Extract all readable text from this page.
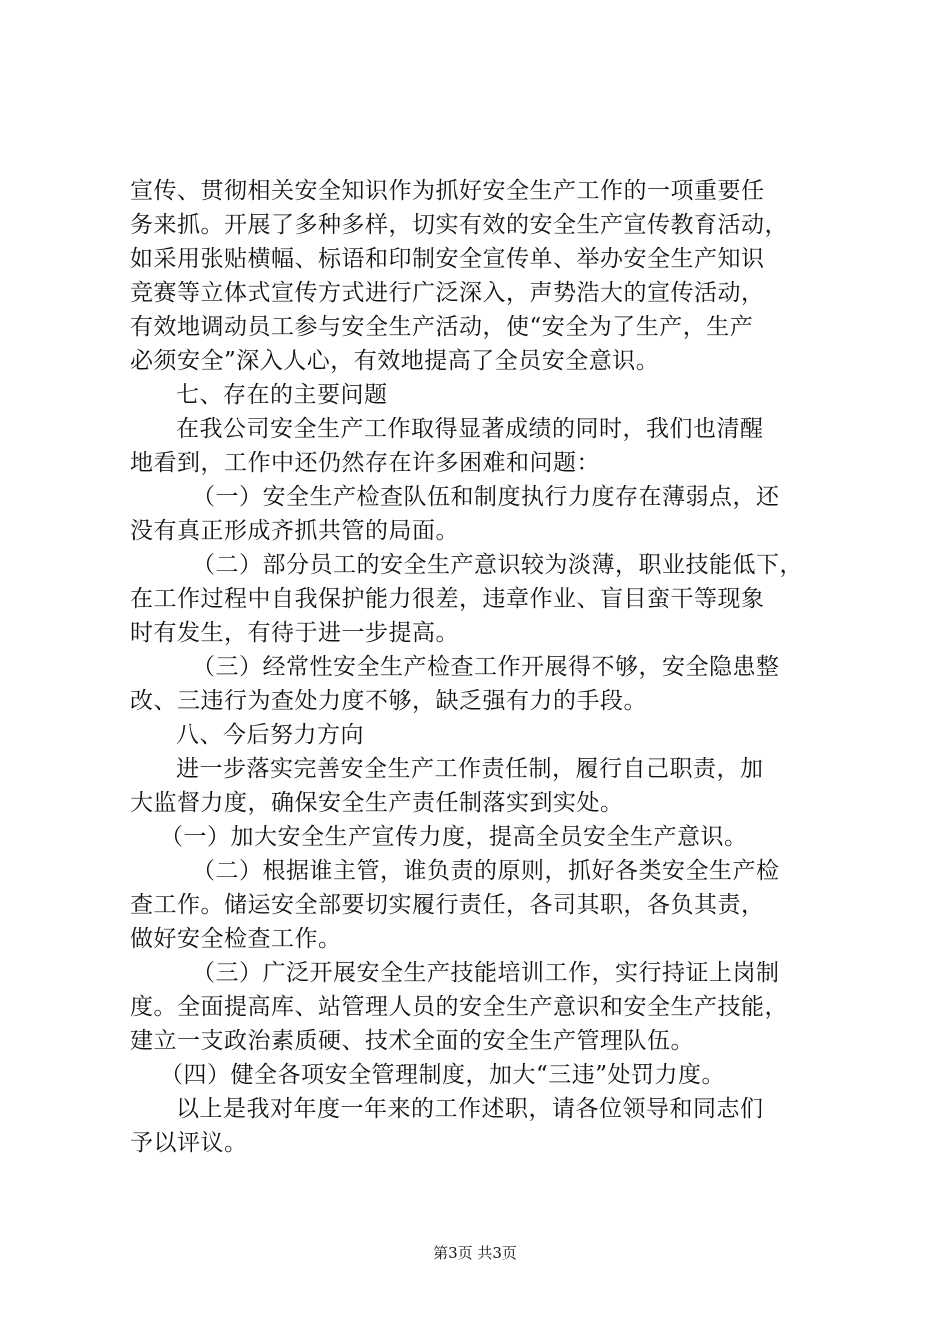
宣传、贯彻相关安全知识作为抓好安全生产工作的一项重要任
务来抓。开展了多种多样，切实有效的安全生产宣传教育活动，
如采用张贴横幅、标语和印制安全宣传单、举办安全生产知识
竞赛等立体式宣传方式进行广泛深入，声势浩大的宣传活动，
有效地调动员工参与安全生产活动，使“安全为了生产，生产
必须安全”深入人心，有效地提高了全员安全意识。
七、存在的主要问题
在我公司安全生产工作取得显著成绩的同时，我们也清醒
地看到，工作中还仍然存在许多困难和问题：
（一）安全生产检查队伍和制度执行力度存在薄弱点，还
没有真正形成齐抓共管的局面。
（二）部分员工的安全生产意识较为淡薄，职业技能低下，
在工作过程中自我保护能力很差，违章作业、盲目蛮干等现象
时有发生，有待于进一步提高。
（三）经常性安全生产检查工作开展得不够，安全隐患整
改、三违行为查处力度不够，缺乏强有力的手段。
八、今后努力方向
进一步落实完善安全生产工作责任制，履行自己职责，加
大监督力度，确保安全生产责任制落实到实处。
（一）加大安全生产宣传力度，提高全员安全生产意识。
（二）根据谁主管，谁负责的原则，抓好各类安全生产检
查工作。储运安全部要切实履行责任，各司其职，各负其责，
做好安全检查工作。
（三）广泛开展安全生产技能培训工作，实行持证上岗制
度。全面提高库、站管理人员的安全生产意识和安全生产技能，
建立一支政治素质硬、技术全面的安全生产管理队伍。
（四）健全各项安全管理制度，加大“三违”处罚力度。
以上是我对年度一年来的工作述职，请各位领导和同志们
予以评议。
第3页 共3页
